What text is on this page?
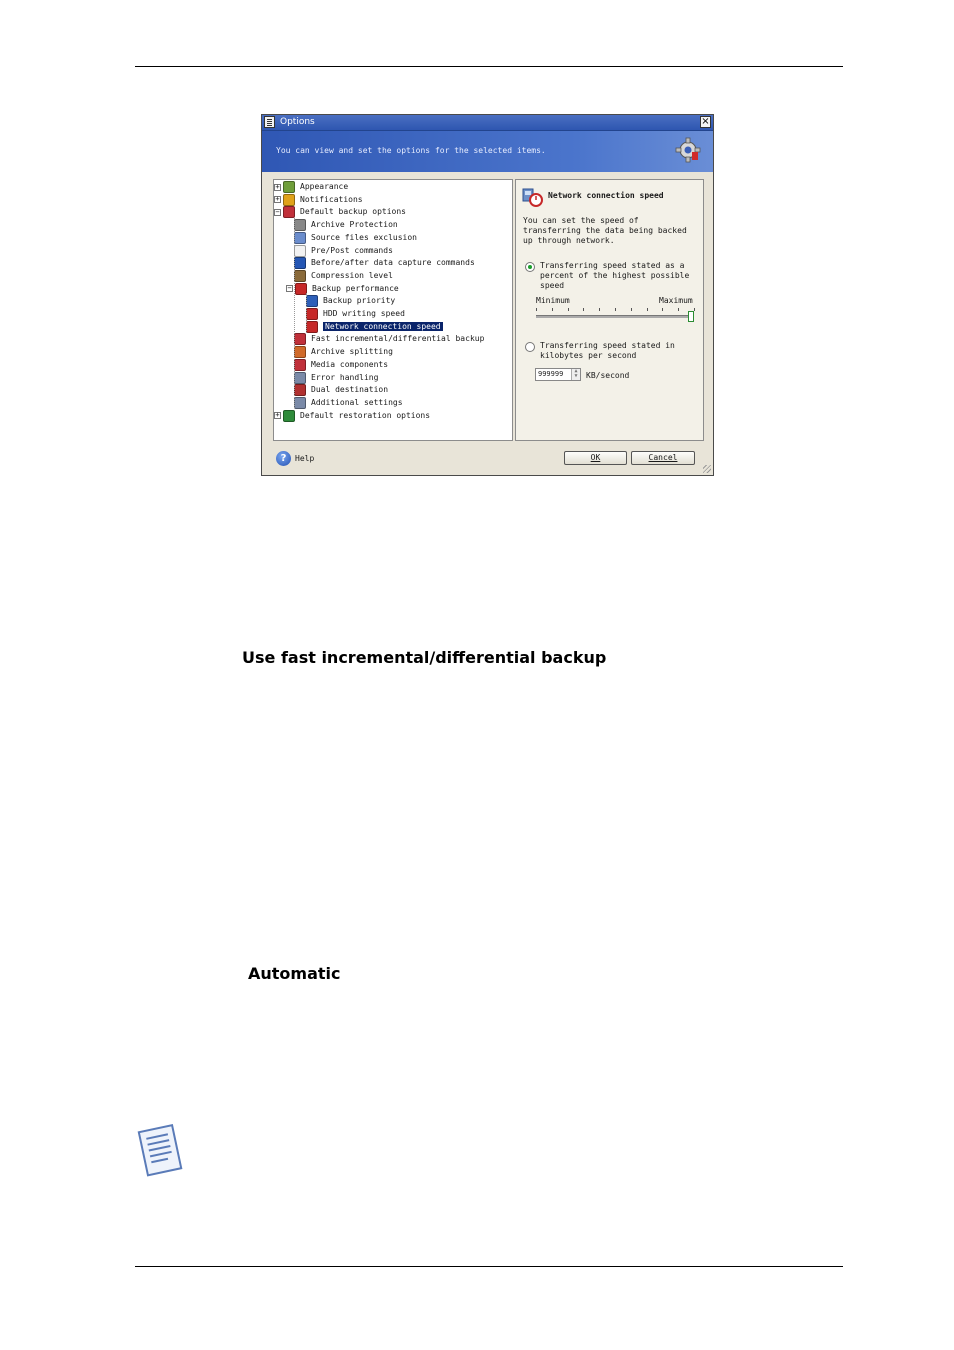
Options	×
You can view and set the options for the selected items.
+	Appearance
+	Notifications
−	Default backup options
Archive Protection
Source files exclusion
Pre/Post commands
Before/after data capture commands
Compression level
−	Backup performance
Backup priority
HDD writing speed
Network connection speed
Fast incremental/differential backup
Archive splitting
Media components
Error handling
Dual destination
Additional settings
+	Default restoration options
Network connection speed
You can set the speed of transferring the data being backed up through network.
Transferring speed stated as a percent of the highest possible speed
Minimum	Maximum
Transferring speed stated in kilobytes per second
999999	▲
▼	KB/second
?	Help	OK	Cancel
Use fast incremental/differential backup
Automatic
